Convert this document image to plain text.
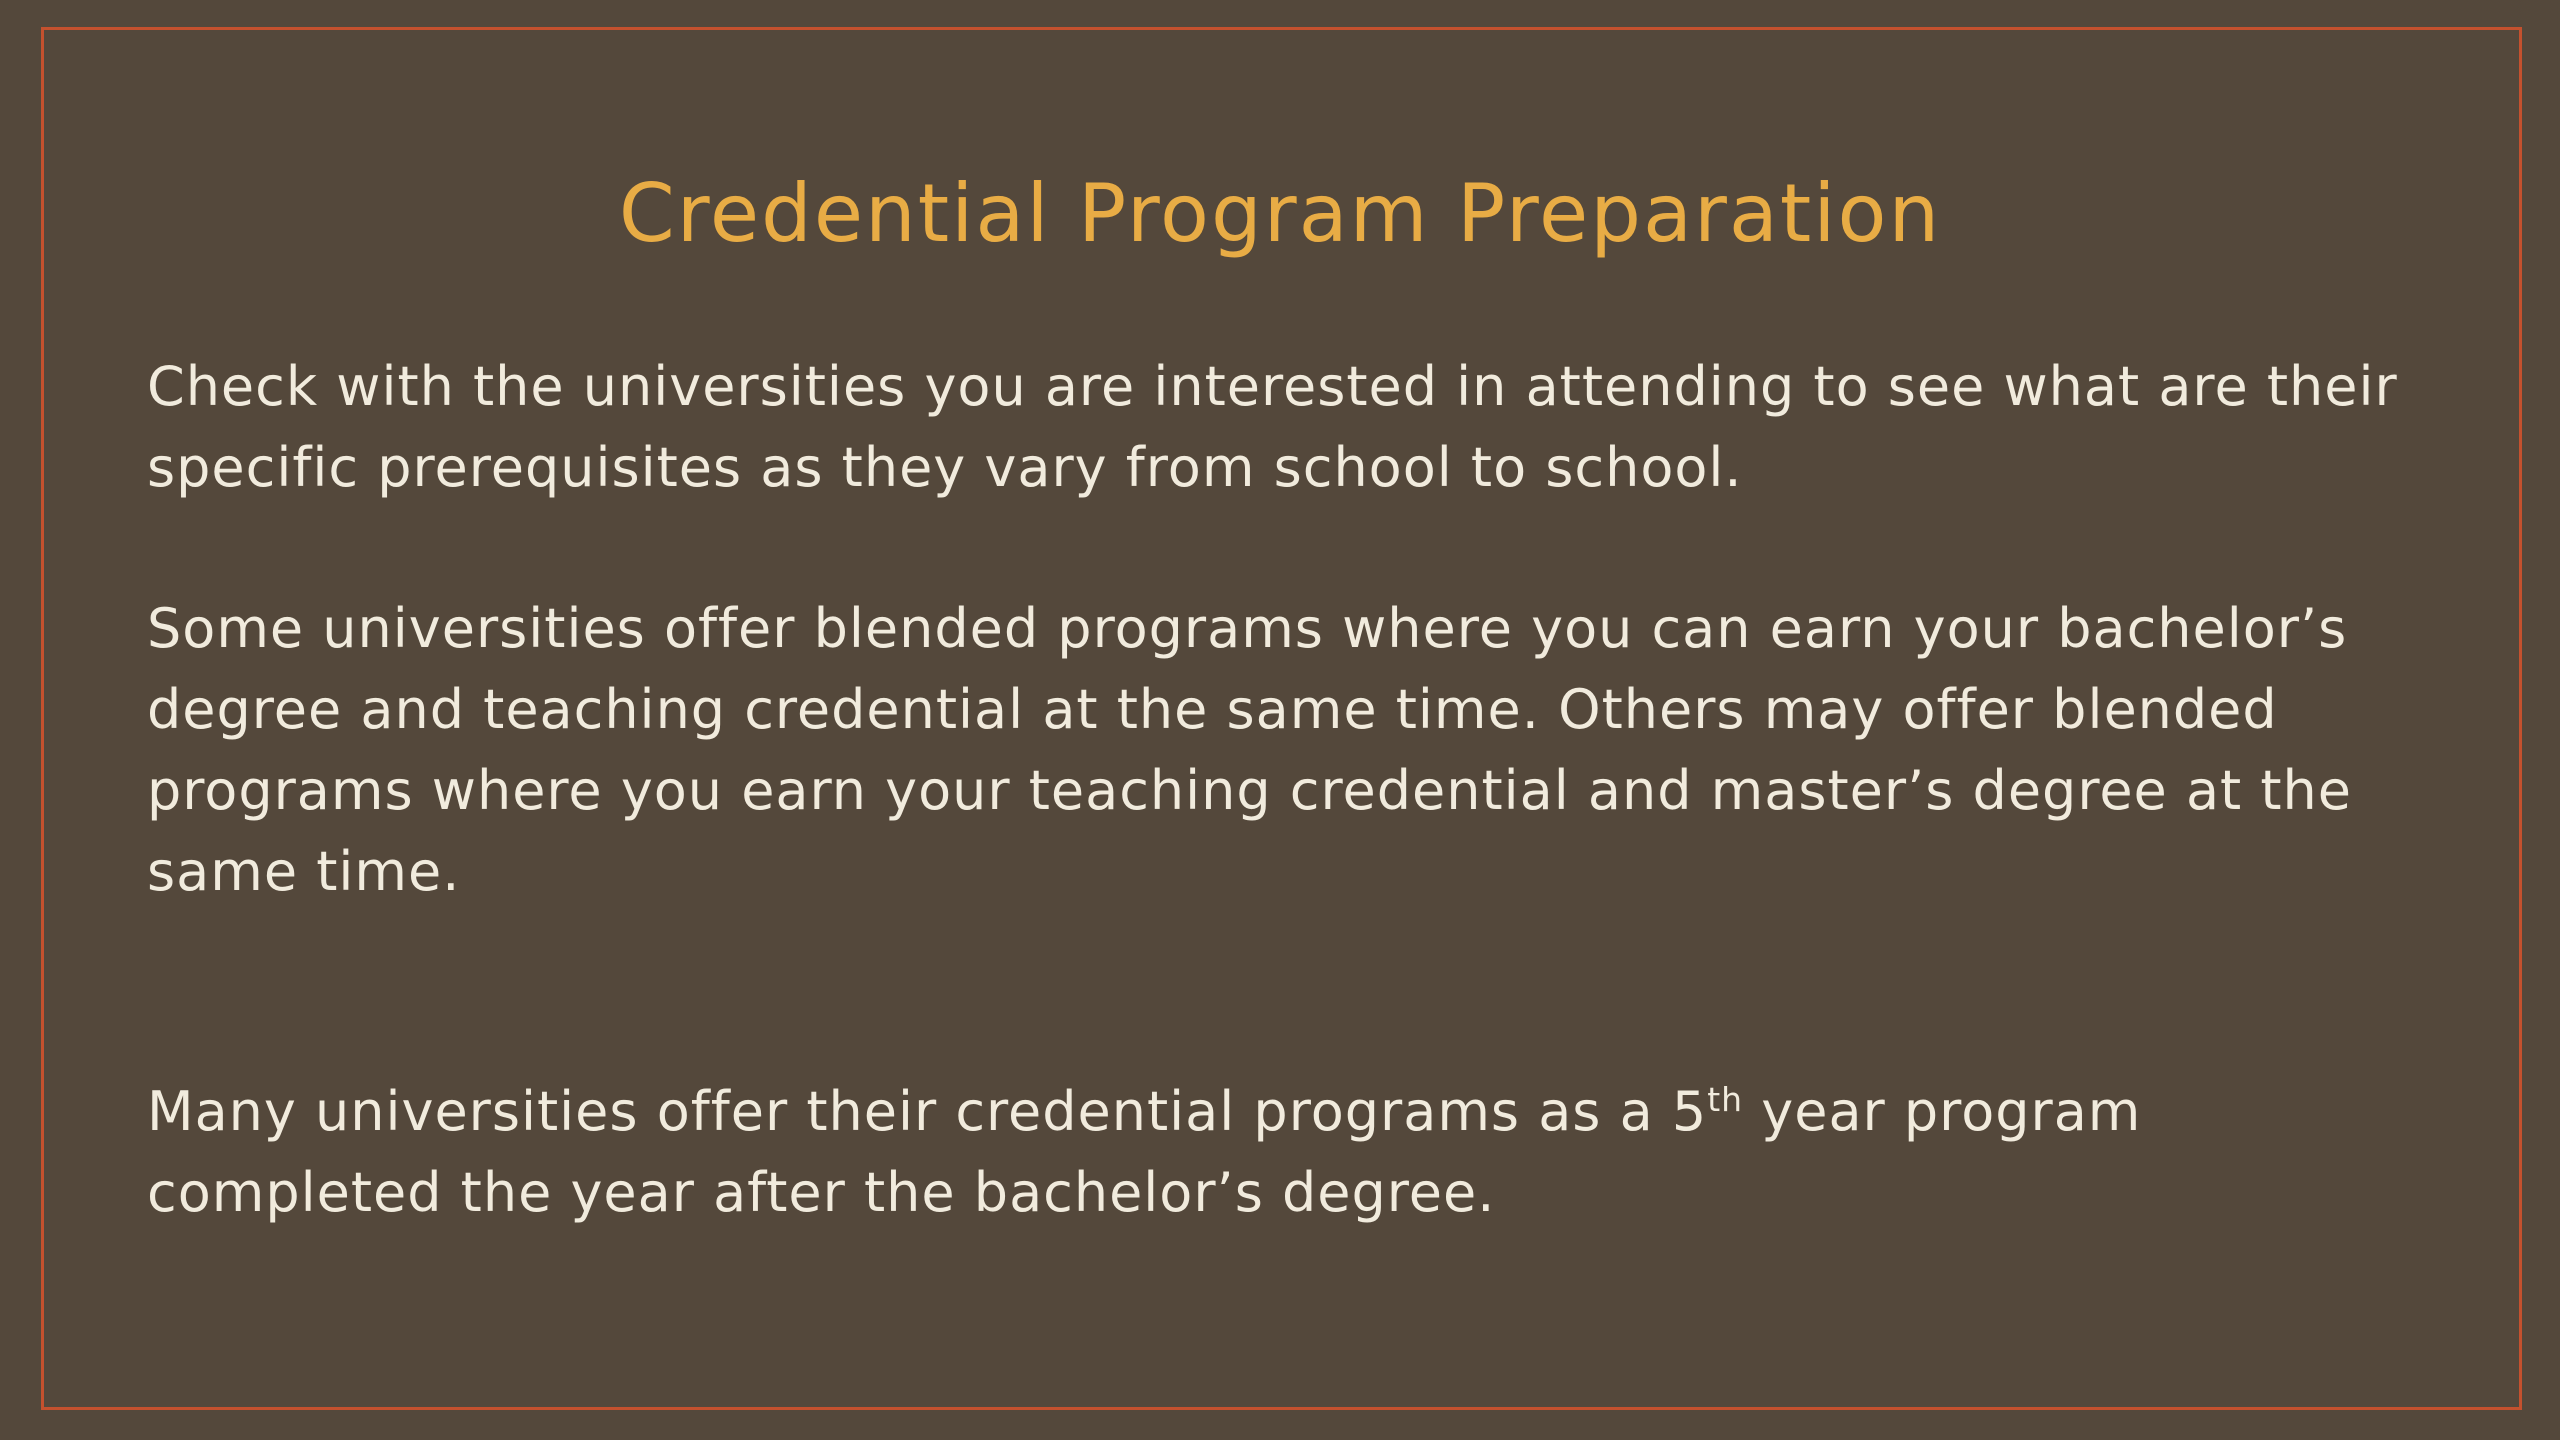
Credential Program Preparation

Check with the universities you are interested in attending to see what are their specific prerequisites as they vary from school to school.

Some universities offer blended programs where you can earn your bachelor’s degree and teaching credential at the same time. Others may offer blended programs where you earn your teaching credential and master’s degree at the same time.

Many universities offer their credential programs as a 5th year program completed the year after the bachelor’s degree.
